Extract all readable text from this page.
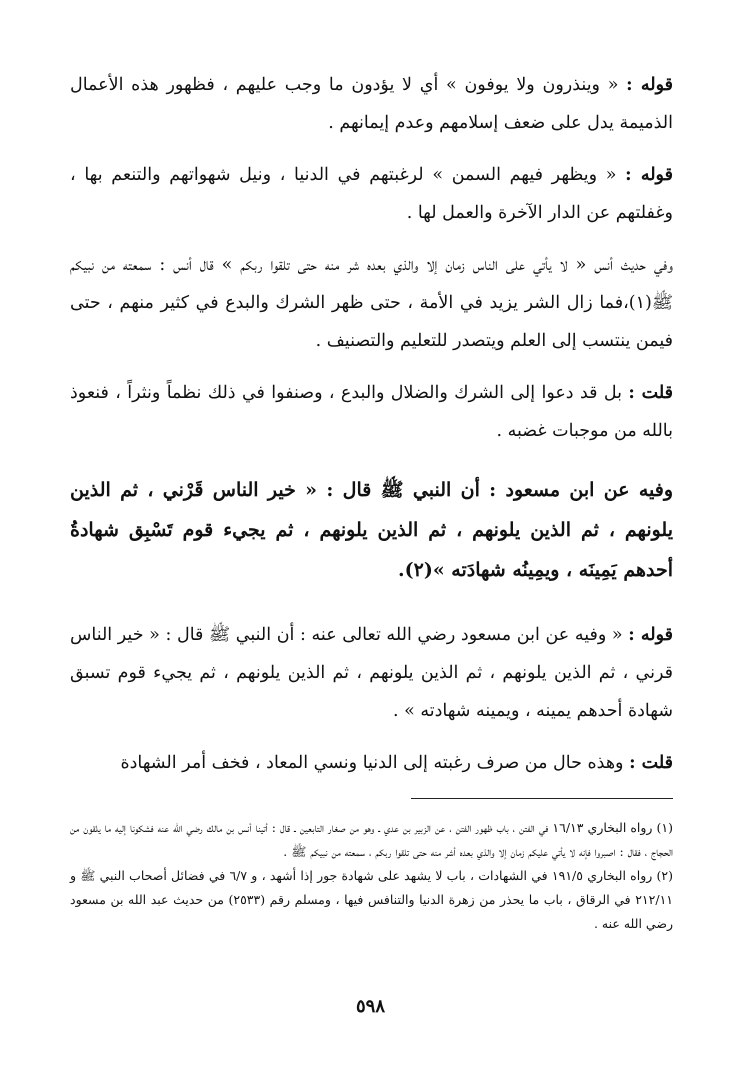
قوله : « وينذرون ولا يوفون » أي لا يؤدون ما وجب عليهم ، فظهور هذه الأعمال الذميمة يدل على ضعف إسلامهم وعدم إيمانهم .

قوله : « ويظهر فيهم السمن » لرغبتهم في الدنيا ، ونيل شهواتهم والتنعم بها ، وغفلتهم عن الدار الآخرة والعمل لها .

وفي حديث أنس « لا يأتي على الناس زمان إلا والذي بعده شر منه حتى تلقوا ربكم » قال أنس : سمعته من نبيكم ﷺ(١)،فما زال الشر يزيد في الأمة ، حتى ظهر الشرك والبدع في كثير منهم ، حتى فيمن ينتسب إلى العلم ويتصدر للتعليم والتصنيف .

قلت : بل قد دعوا إلى الشرك والضلال والبدع ، وصنفوا في ذلك نظماً ونثراً ، فنعوذ بالله من موجبات غضبه .

وفيه عن ابن مسعود : أن النبي ﷺ قال : « خير الناس قَرْني ، ثم الذين يلونهم ، ثم الذين يلونهم ، ثم الذين يلونهم ، ثم يجيء قوم تَسْبِق شهادةُ أحدهم يَمِينَه ، ويمِينُه شهادَته »(٢).

قوله : « وفيه عن ابن مسعود رضي الله تعالى عنه : أن النبي ﷺ قال : « خير الناس قرني ، ثم الذين يلونهم ، ثم الذين يلونهم ، ثم الذين يلونهم ، ثم يجيء قوم تسبق شهادة أحدهم يمينه ، ويمينه شهادته » .

قلت : وهذه حال من صرف رغبته إلى الدنيا ونسي المعاد ، فخف أمر الشهادة

(١) رواه البخاري ١٦/١٣ في الفتن ، باب ظهور الفتن ، عن الزبير بن عدي ـ وهو من صغار التابعين ـ قال : أتينا أنس بن مالك رضي الله عنه فشكونا إليه ما يلقون من الحجاج ، فقال : اصبروا فإنه لا يأتي عليكم زمان إلا والذي بعده أشر منه حتى تلقوا ربكم ، سمعته من نبيكم ﷺ .

(٢) رواه البخاري ١٩١/٥ في الشهادات ، باب لا يشهد على شهادة جور إذا أشهد ، و ٦/٧ في فضائل أصحاب النبي ﷺ و ٢١٢/١١ في الرقاق ، باب ما يحذر من زهرة الدنيا والتنافس فيها ، ومسلم رقم (٢٥٣٣) من حديث عبد الله بن مسعود رضي الله عنه .

٥٩٨
